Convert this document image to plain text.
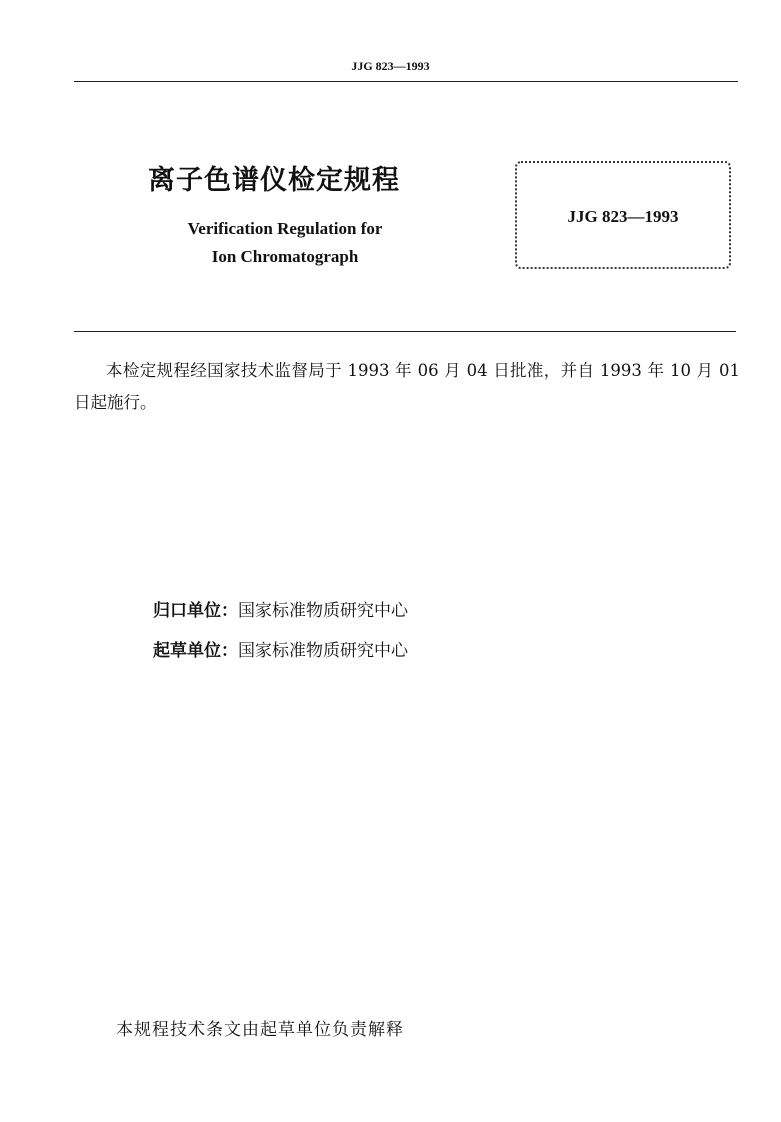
JJG 823—1993
离子色谱仪检定规程
Verification Regulation for
Ion Chromatograph
JJG 823—1993
本检定规程经国家技术监督局于 1993 年 06 月 04 日批准，并自 1993 年 10 月 01 日起施行。
归口单位：国家标准物质研究中心
起草单位：国家标准物质研究中心
本规程技术条文由起草单位负责解释
